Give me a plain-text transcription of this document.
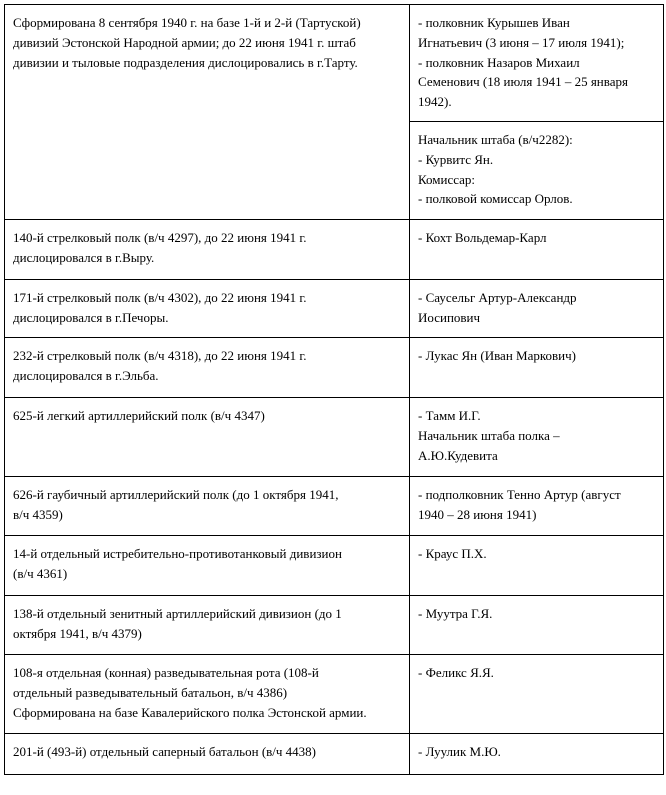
Сформирована 8 сентября 1940 г. на базе 1-й и 2-й (Тартуской)
дивизий Эстонской Народной армии; до 22 июня 1941 г. штаб
дивизии и тыловые подразделения дислоцировались в г.Тарту.	- полковник Курышев Иван
Игнатьевич (3 июня – 17 июля 1941);
- полковник Назаров Михаил
Семенович (18 июля 1941 – 25 января
1942).

	Начальник штаба (в/ч2282):
- Курвитс Ян.
Комиссар:
- полковой комиссар Орлов.

140-й стрелковый полк (в/ч 4297), до 22 июня 1941 г.
дислоцировался в г.Выру.	- Кохт Вольдемар-Карл

171-й стрелковый полк (в/ч 4302), до 22 июня 1941 г.
дислоцировался в г.Печоры.	- Саусельг Артур-Александр
Иосипович

232-й стрелковый полк (в/ч 4318), до 22 июня 1941 г.
дислоцировался в г.Эльба.	- Лукас Ян (Иван Маркович)

625-й легкий артиллерийский полк (в/ч 4347)	- Тамм И.Г.
Начальник штаба полка –
А.Ю.Кудевита

626-й гаубичный артиллерийский полк (до 1 октября 1941,
в/ч 4359)	- подполковник Тенно Артур (август
1940 – 28 июня 1941)

14-й отдельный истребительно-противотанковый дивизион
(в/ч 4361)	- Краус П.Х.

138-й отдельный зенитный артиллерийский дивизион (до 1
октября 1941, в/ч 4379)	- Муутра Г.Я.

108-я отдельная (конная) разведывательная рота (108-й
отдельный разведывательный батальон, в/ч 4386)
Сформирована на базе Кавалерийского полка Эстонской армии.	- Феликс Я.Я.

201-й (493-й) отдельный саперный батальон (в/ч 4438)	- Луулик М.Ю.
